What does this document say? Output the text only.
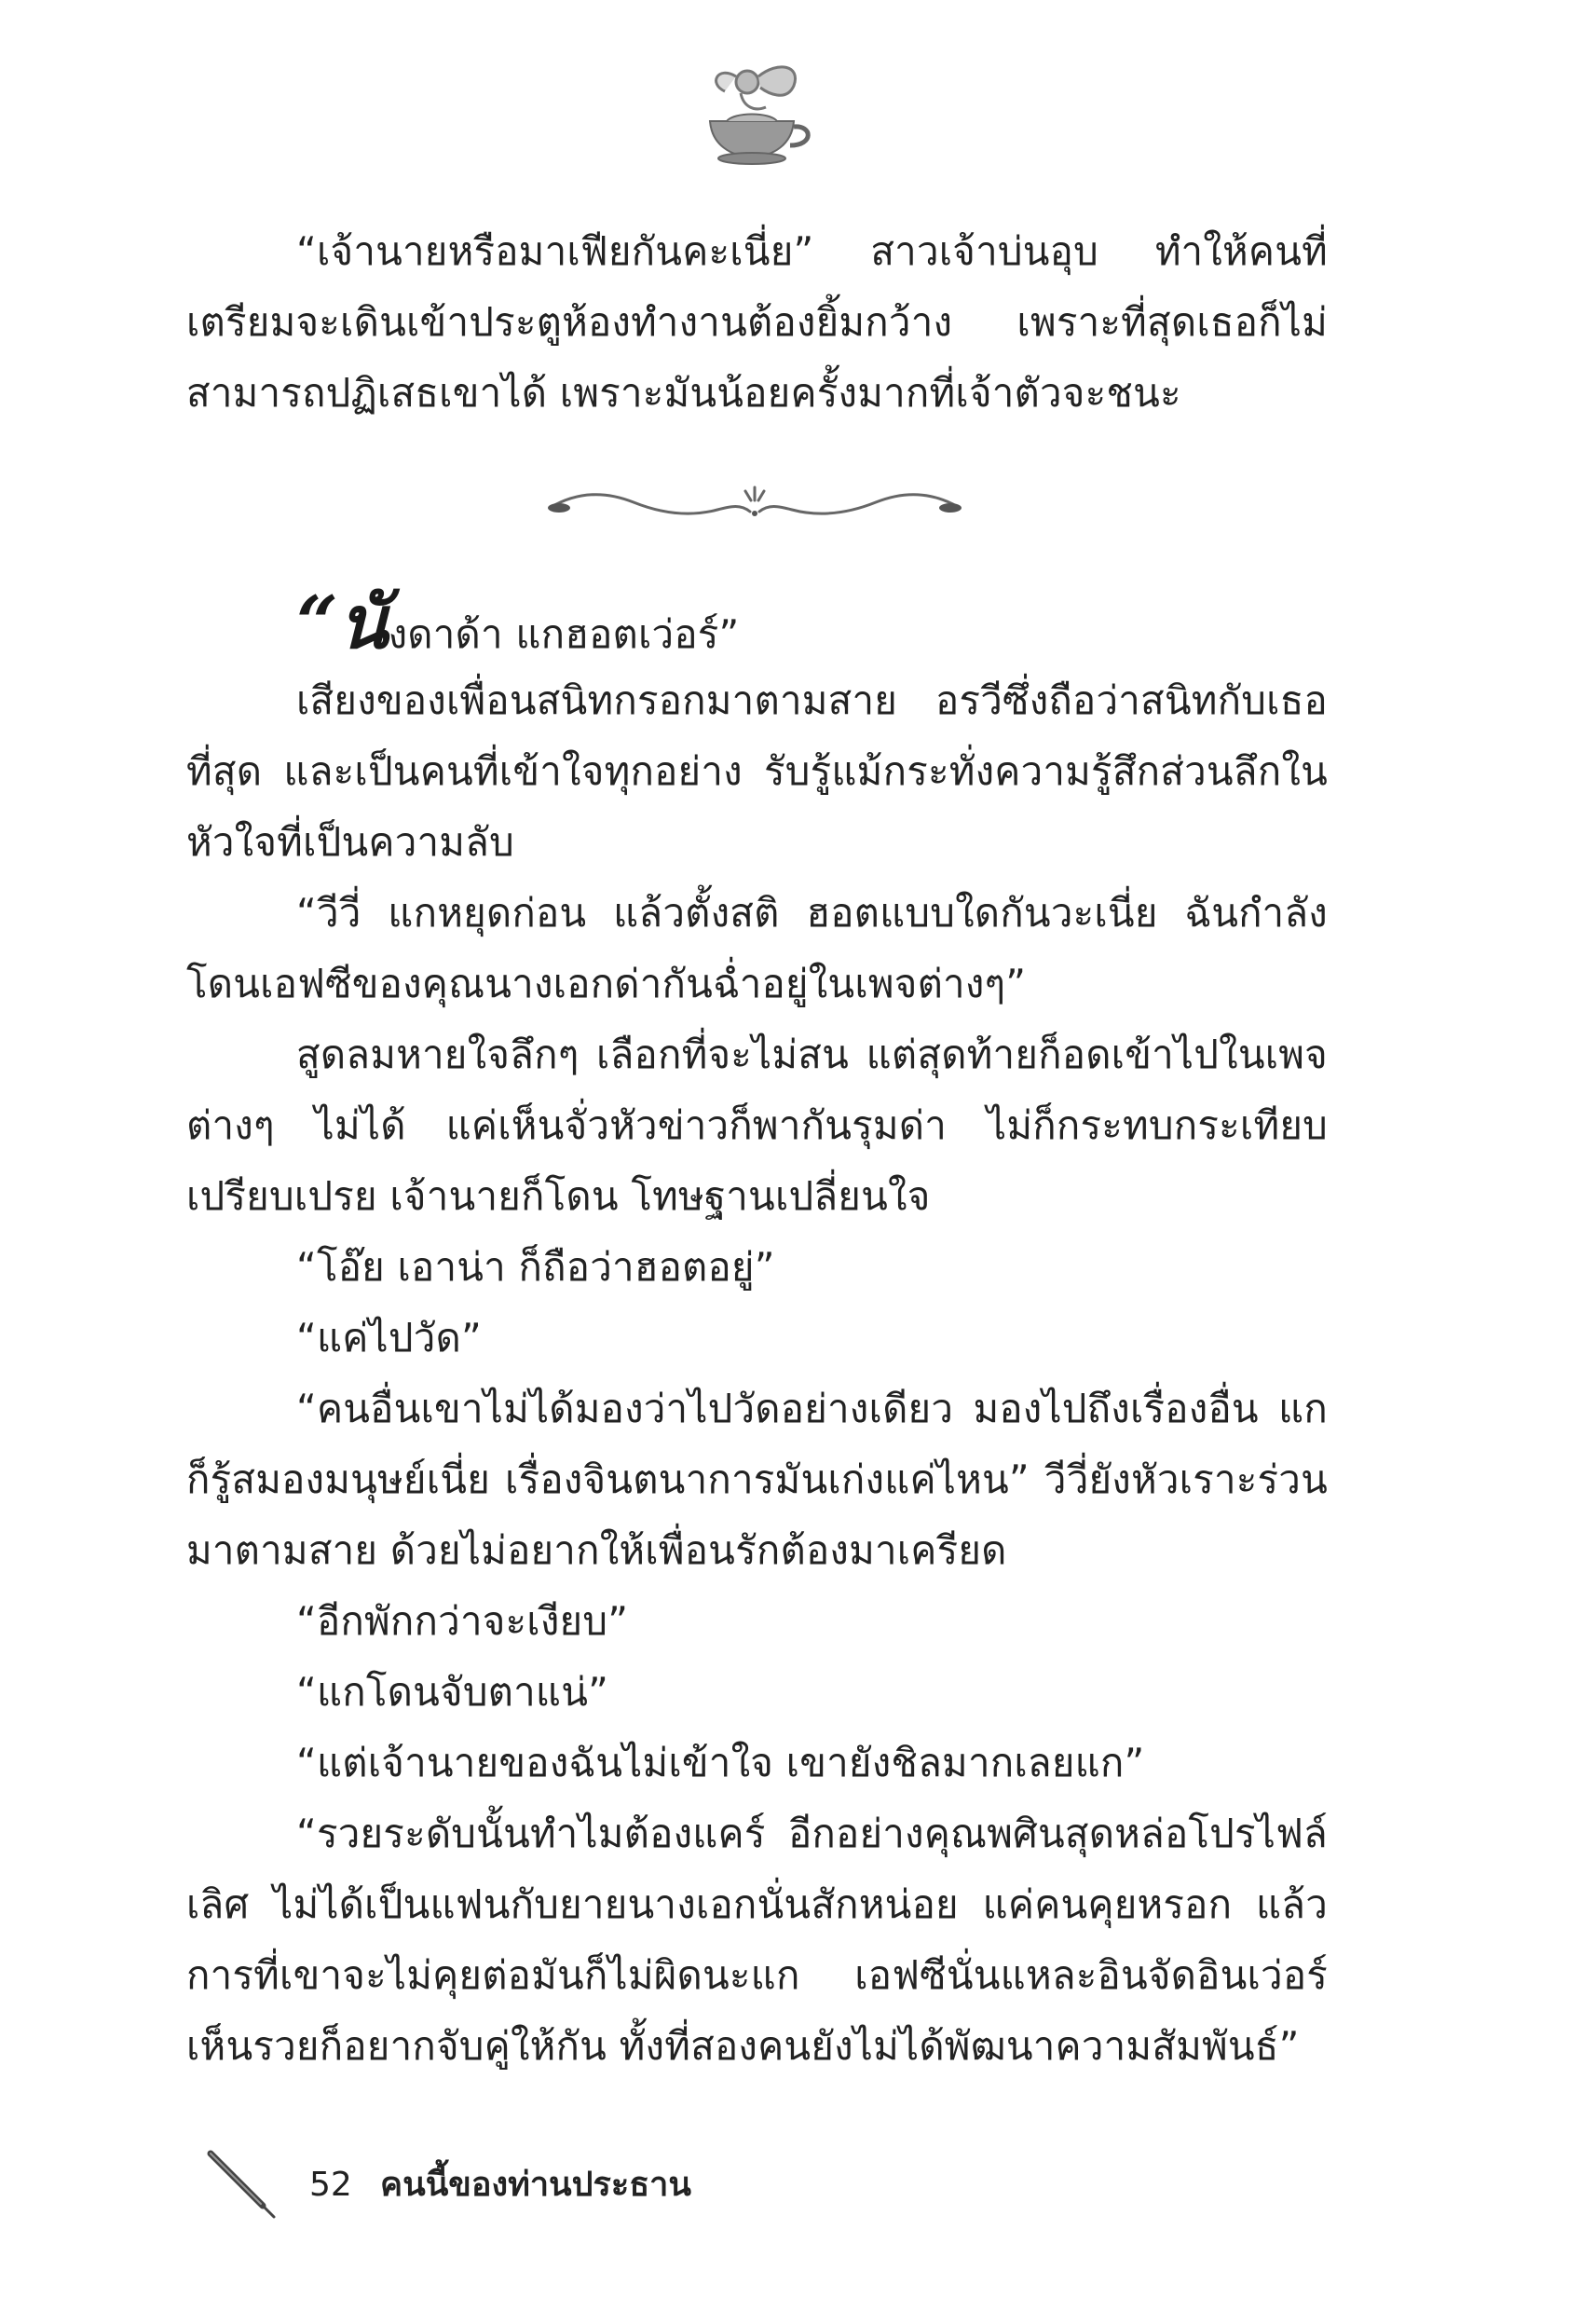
“เจ้านายหรือมาเฟียกันคะเนี่ย” สาวเจ้าบ่นอุบ ทำให้คนที่เตรียมจะเดินเข้าประตูห้องทำงานต้องยิ้มกว้าง เพราะที่สุดเธอก็ไม่สามารถปฏิเสธเขาได้ เพราะมันน้อยครั้งมากที่เจ้าตัวจะชนะ

“นังดาด้า แกฮอตเว่อร์”

เสียงของเพื่อนสนิทกรอกมาตามสาย อรวีซึ่งถือว่าสนิทกับเธอที่สุด และเป็นคนที่เข้าใจทุกอย่าง รับรู้แม้กระทั่งความรู้สึกส่วนลึกในหัวใจที่เป็นความลับ

“วีวี่ แกหยุดก่อน แล้วตั้งสติ ฮอตแบบใดกันวะเนี่ย ฉันกำลังโดนเอฟซีของคุณนางเอกด่ากันฉ่ำอยู่ในเพจต่างๆ”

สูดลมหายใจลึกๆ เลือกที่จะไม่สน แต่สุดท้ายก็อดเข้าไปในเพจต่างๆ ไม่ได้ แค่เห็นจั่วหัวข่าวก็พากันรุมด่า ไม่ก็กระทบกระเทียบเปรียบเปรย เจ้านายก็โดน โทษฐานเปลี่ยนใจ

“โอ๊ย เอาน่า ก็ถือว่าฮอตอยู่”

“แค่ไปวัด”

“คนอื่นเขาไม่ได้มองว่าไปวัดอย่างเดียว มองไปถึงเรื่องอื่น แกก็รู้สมองมนุษย์เนี่ย เรื่องจินตนาการมันเก่งแค่ไหน” วีวี่ยังหัวเราะร่วนมาตามสาย ด้วยไม่อยากให้เพื่อนรักต้องมาเครียด

“อีกพักกว่าจะเงียบ”

“แกโดนจับตาแน่”

“แต่เจ้านายของฉันไม่เข้าใจ เขายังชิลมากเลยแก”

“รวยระดับนั้นทำไมต้องแคร์ อีกอย่างคุณพศินสุดหล่อโปรไฟล์เลิศ ไม่ได้เป็นแฟนกับยายนางเอกนั่นสักหน่อย แค่คนคุยหรอก แล้วการที่เขาจะไม่คุยต่อมันก็ไม่ผิดนะแก เอฟซีนั่นแหละอินจัดอินเว่อร์เห็นรวยก็อยากจับคู่ให้กัน ทั้งที่สองคนยังไม่ได้พัฒนาความสัมพันธ์”

52 คนนี้ของท่านประธาน
